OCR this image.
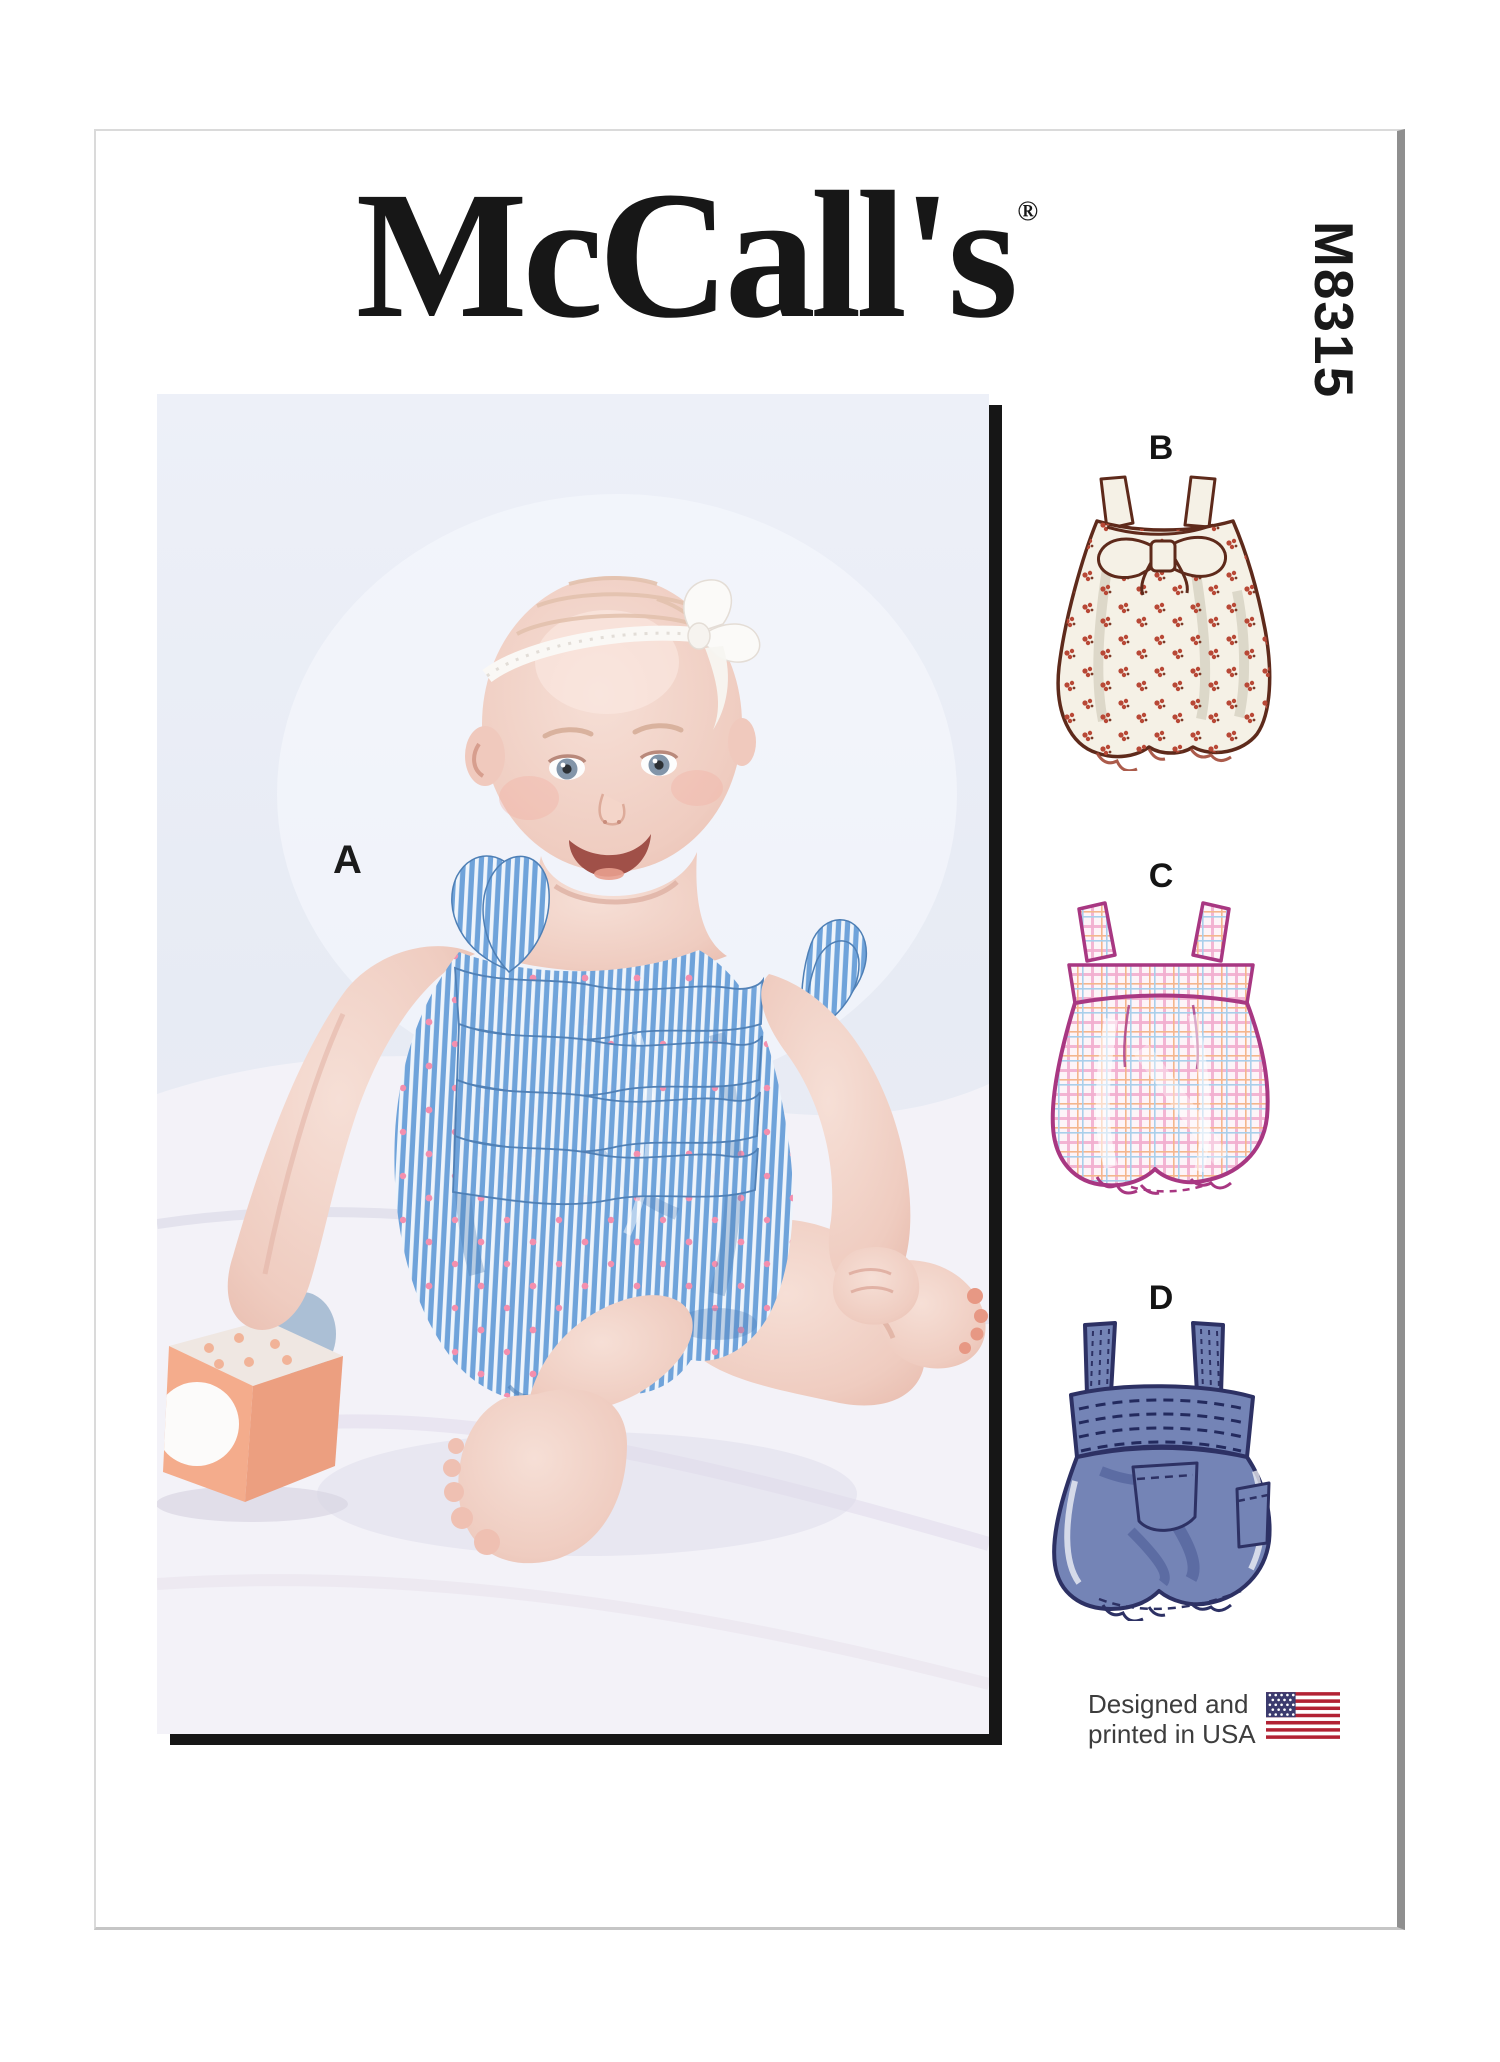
McCall's ®
M8315
A
B
C
D
Designed and
printed in USA
